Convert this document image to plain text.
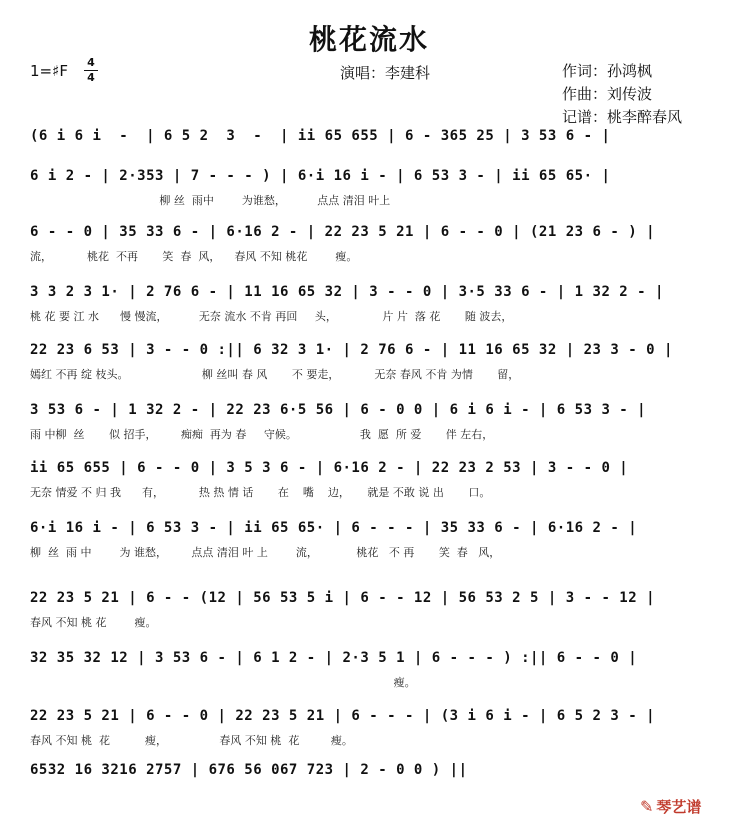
桃花流水
1=♯F 4
4	演唱：李建科	作词：孙鸿枫
作曲：刘传波
记谱：桃李醉春风
(6 i 6 i  -  | 6 5 2  3  -  | ii 65 655 | 6 - 365 25 | 3 53 6 - |
6 i 2 - | 2·353 | 7 - - - ) | 6·i 16 i - | 6 53 3 - | ii 65 65· |
柳 丝  雨中        为谁愁，         点点 清泪 叶上
6 - - 0 | 35 33 6 - | 6·16 2 - | 22 23 5 21 | 6 - - 0 | (21 23 6 - ) |
流，          桃花  不再       笑  春  风，    春风 不知 桃花        瘦。
3 3 2 3 1· | 2 76 6 - | 11 16 65 32 | 3 - - 0 | 3·5 33 6 - | 1 32 2 - |
桃 花 要 江 水      慢 慢流，         无奈 流水 不肯 再回     头，             片 片  落 花       随 波去，
22 23 6 53 | 3 - - 0 :|| 6 32 3 1· | 2 76 6 - | 11 16 65 32 | 23 3 - 0 |
嫣红 不再 绽 枝头。                     柳 丝叫 春 风       不 要走，          无奈 春风 不肯 为情       留，
3 53 6 - | 1 32 2 - | 22 23 6·5 56 | 6 - 0 0 | 6 i 6 i - | 6 53 3 - |
雨 中柳  丝       似 招手，       痴痴  再为 春     守候。                  我  愿  所 爱       伴 左右，
ii 65 655 | 6 - - 0 | 3 5 3 6 - | 6·16 2 - | 22 23 2 53 | 3 - - 0 |
无奈 情爱 不 归 我      有，          热 热 情 话       在    嘴    边，     就是 不敢 说 出       口。
6·i 16 i - | 6 53 3 - | ii 65 65· | 6 - - - | 35 33 6 - | 6·16 2 - |
柳  丝  雨 中        为 谁愁，       点点 清泪 叶 上        流，           桃花   不 再       笑  春   风，
22 23 5 21 | 6 - - (12 | 56 53 5 i | 6 - - 12 | 56 53 2 5 | 3 - - 12 |
春风 不知 桃 花        瘦。
32 35 32 12 | 3 53 6 - | 6 1 2 - | 2·3 5 1 | 6 - - - ) :|| 6 - - 0 |
瘦。
22 23 5 21 | 6 - - 0 | 22 23 5 21 | 6 - - - | (3 i 6 i - | 6 5 2 3 - |
春风 不知 桃  花          瘦，               春风 不知 桃  花         瘦。
6532 16 3216 2757 | 676 56 067 723 | 2 - 0 0 ) ||
✎ 琴艺谱
